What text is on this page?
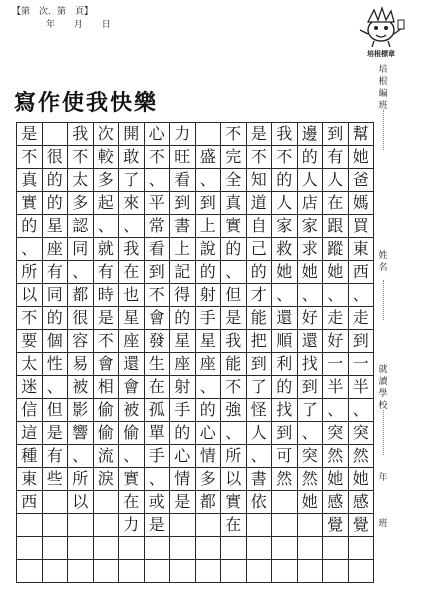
【第　次．第　頁】
年 月 日
培根標章
寫作使我快樂
培根編班
姓名
就讀學校
年
班
是
不
真
實
的
、
所
以
不
要
太
迷
信
這
種
東
西
很
的
的
星
座
有
同
的
個
性
、
但
是
有
些
我
不
太
多
認
同
、
都
很
容
易
被
影
響
、
所
以
次
較
多
起
、
就
有
時
是
不
會
相
偷
偷
流
淚
開
敢
了
來
、
我
在
也
星
座
還
會
被
偷
、
實
在
力
心
不
、
平
常
看
到
不
會
發
生
在
孤
單
手
、
或
是
力
旺
看
到
書
上
記
得
的
星
座
射
手
的
心
情
是
盛
、
到
上
說
的
射
手
星
座
、
的
心
情
多
都
不
完
全
真
實
的
、
但
是
我
能
不
強
、
所
以
實
在
是
不
知
道
自
己
的
才
能
把
到
了
怪
人
、
書
依
我
不
的
人
家
救
她
、
還
順
利
的
找
到
可
然
邊
的
人
店
家
求
她
、
好
還
找
到
了
、
突
然
她
到
有
人
在
跟
蹤
她
、
走
好
一
半
、
突
然
她
感
覺
幫
她
爸
媽
買
東
西
、
走
到
一
半
、
突
然
她
感
覺
